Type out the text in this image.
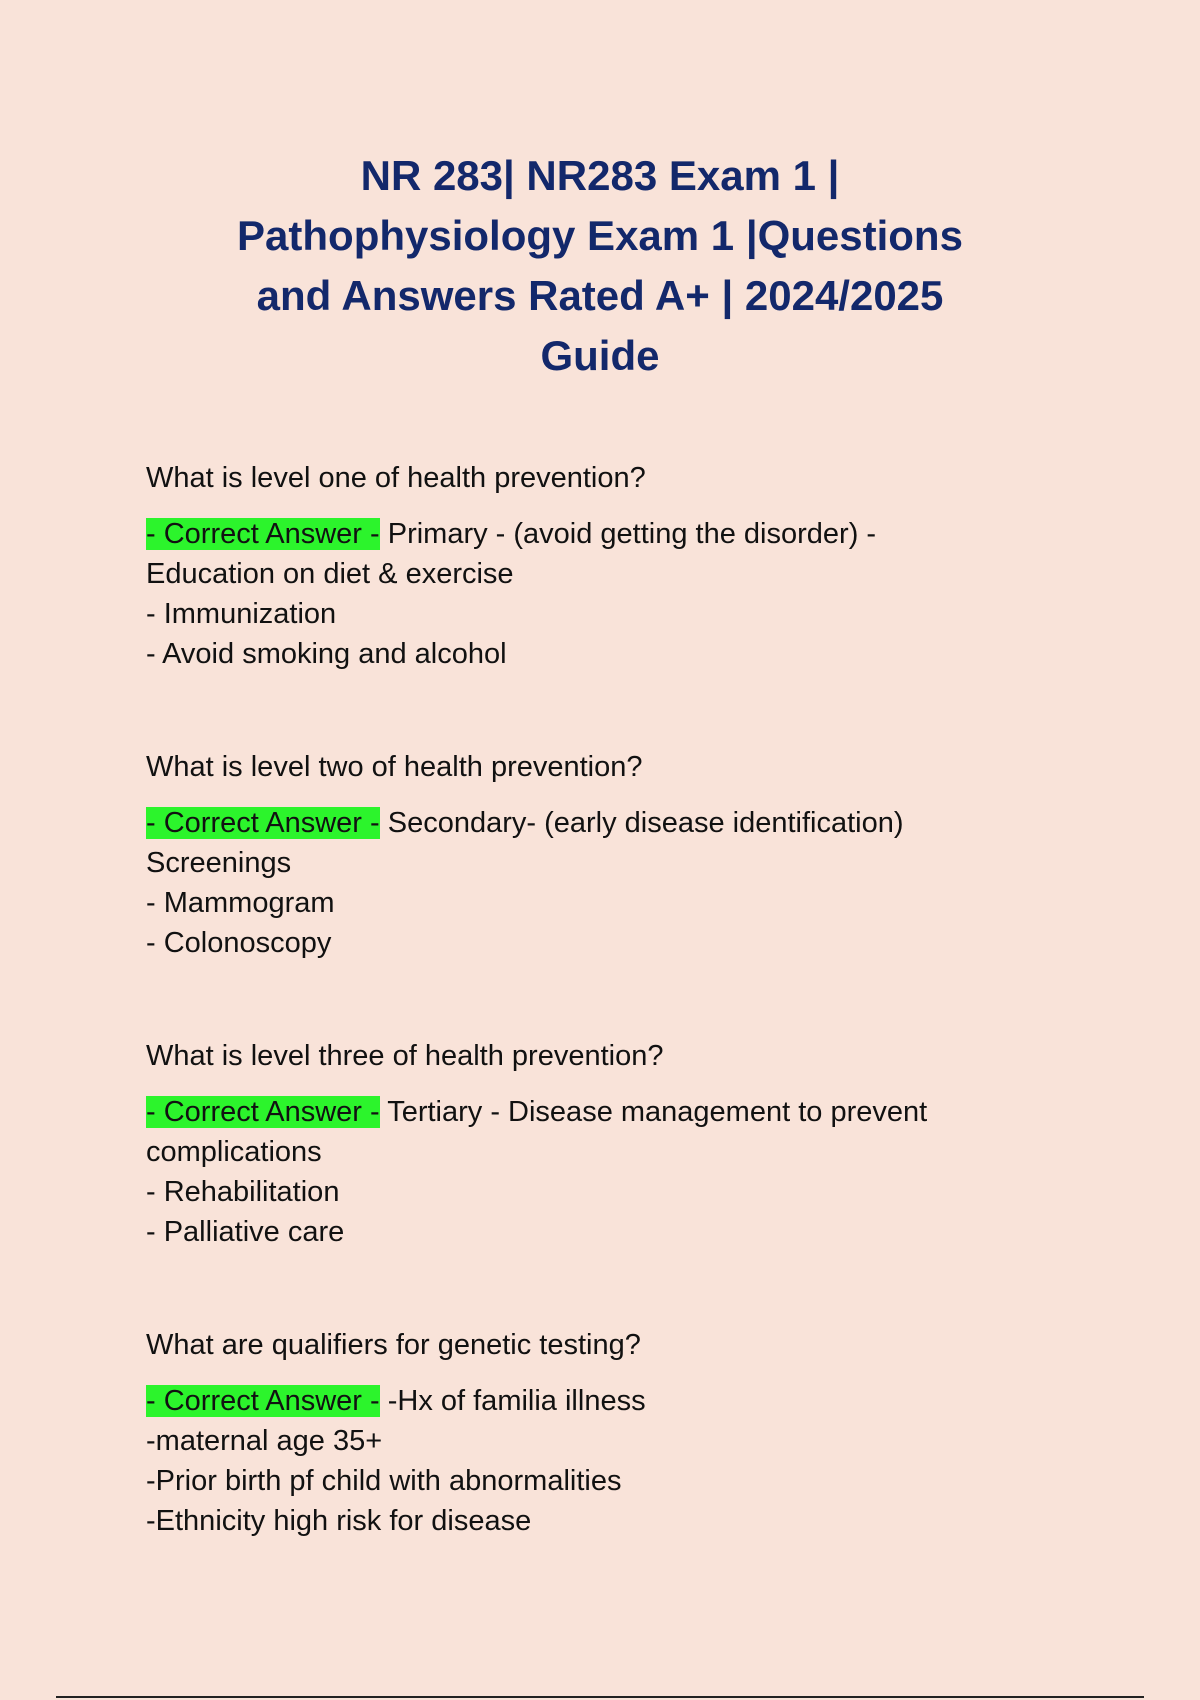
NR 283| NR283 Exam 1 |
Pathophysiology Exam 1 |Questions
and Answers Rated A+ | 2024/2025
Guide
What is level one of health prevention?
- Correct Answer - Primary - (avoid getting the disorder) -
Education on diet & exercise
- Immunization
- Avoid smoking and alcohol
What is level two of health prevention?
- Correct Answer - Secondary- (early disease identification)
Screenings
- Mammogram
- Colonoscopy
What is level three of health prevention?
- Correct Answer - Tertiary - Disease management to prevent
complications
- Rehabilitation
- Palliative care
What are qualifiers for genetic testing?
- Correct Answer - -Hx of familia illness
-maternal age 35+
-Prior birth pf child with abnormalities
-Ethnicity high risk for disease
